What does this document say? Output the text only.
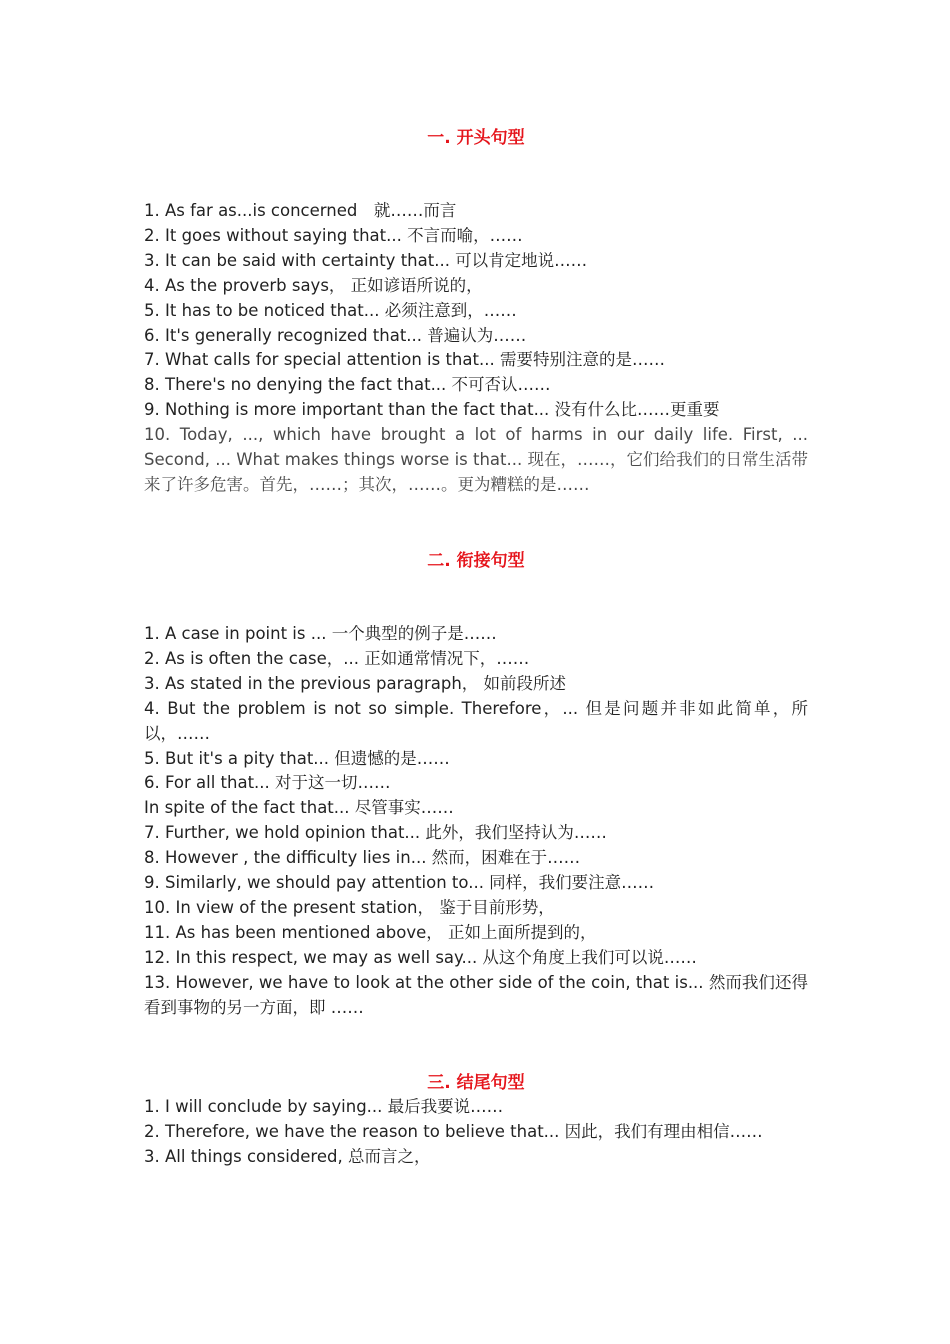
一. 开头句型

1. As far as...is concerned　就……而言

2. It goes without saying that... 不言而喻，……

3. It can be said with certainty that... 可以肯定地说……

4. As the proverb says， 正如谚语所说的，

5. It has to be noticed that... 必须注意到，……

6. It's generally recognized that... 普遍认为……

7. What calls for special attention is that... 需要特别注意的是……

8. There's no denying the fact that... 不可否认……

9. Nothing is more important than the fact that... 没有什么比……更重要

10. Today, ..., which have brought a lot of harms in our daily life. First, ... Second, ... What makes things worse is that... 现在，……，它们给我们的日常生活带来了许多危害。首先，……；其次，……。更为糟糕的是……

二. 衔接句型

1. A case in point is ... 一个典型的例子是……

2. As is often the case，... 正如通常情况下，……

3. As stated in the previous paragraph， 如前段所述

4. But the problem is not so simple. Therefore，... 但是问题并非如此简单，所以，……

5. But it's a pity that... 但遗憾的是……

6. For all that... 对于这一切……

In spite of the fact that... 尽管事实……

7. Further, we hold opinion that... 此外，我们坚持认为……

8. However , the difficulty lies in... 然而，困难在于……

9. Similarly, we should pay attention to... 同样，我们要注意……

10. In view of the present station， 鉴于目前形势，

11. As has been mentioned above， 正如上面所提到的，

12. In this respect, we may as well say... 从这个角度上我们可以说……

13. However, we have to look at the other side of the coin, that is... 然而我们还得看到事物的另一方面，即 ……

三. 结尾句型

1. I will conclude by saying... 最后我要说……

2. Therefore, we have the reason to believe that... 因此，我们有理由相信……

3. All things considered, 总而言之，
